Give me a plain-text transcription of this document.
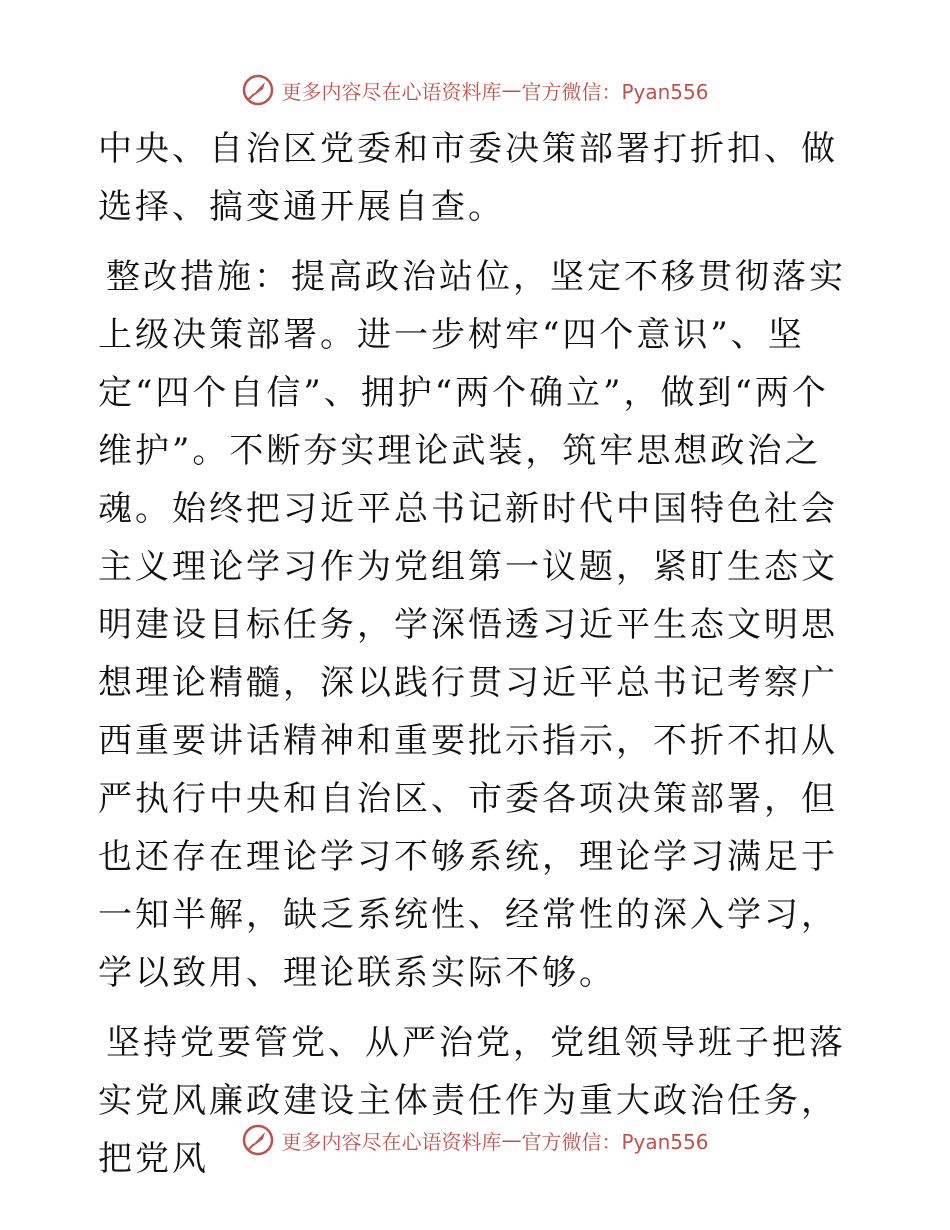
更多内容尽在心语资料库 — 官方微信：Pyan556

中央、自治区党委和市委决策部署打折扣、做选择、搞变通开展自查。

整改措施：提高政治站位，坚定不移贯彻落实上级决策部署。进一步树牢“四个意识”、坚定“四个自信”、拥护“两个确立”，做到“两个维护”。不断夯实理论武装，筑牢思想政治之魂。始终把习近平总书记新时代中国特色社会主义理论学习作为党组第一议题，紧盯生态文明建设目标任务，学深悟透习近平生态文明思想理论精髓，深以践行贯习近平总书记考察广西重要讲话精神和重要批示指示，不折不扣从严执行中央和自治区、市委各项决策部署，但也还存在理论学习不够系统，理论学习满足于一知半解，缺乏系统性、经常性的深入学习，学以致用、理论联系实际不够。

坚持党要管党、从严治党，党组领导班子把落实党风廉政建设主体责任作为重大政治任务，把党风	更多内容尽在心语资料库 — 官方微信：Pyan556
